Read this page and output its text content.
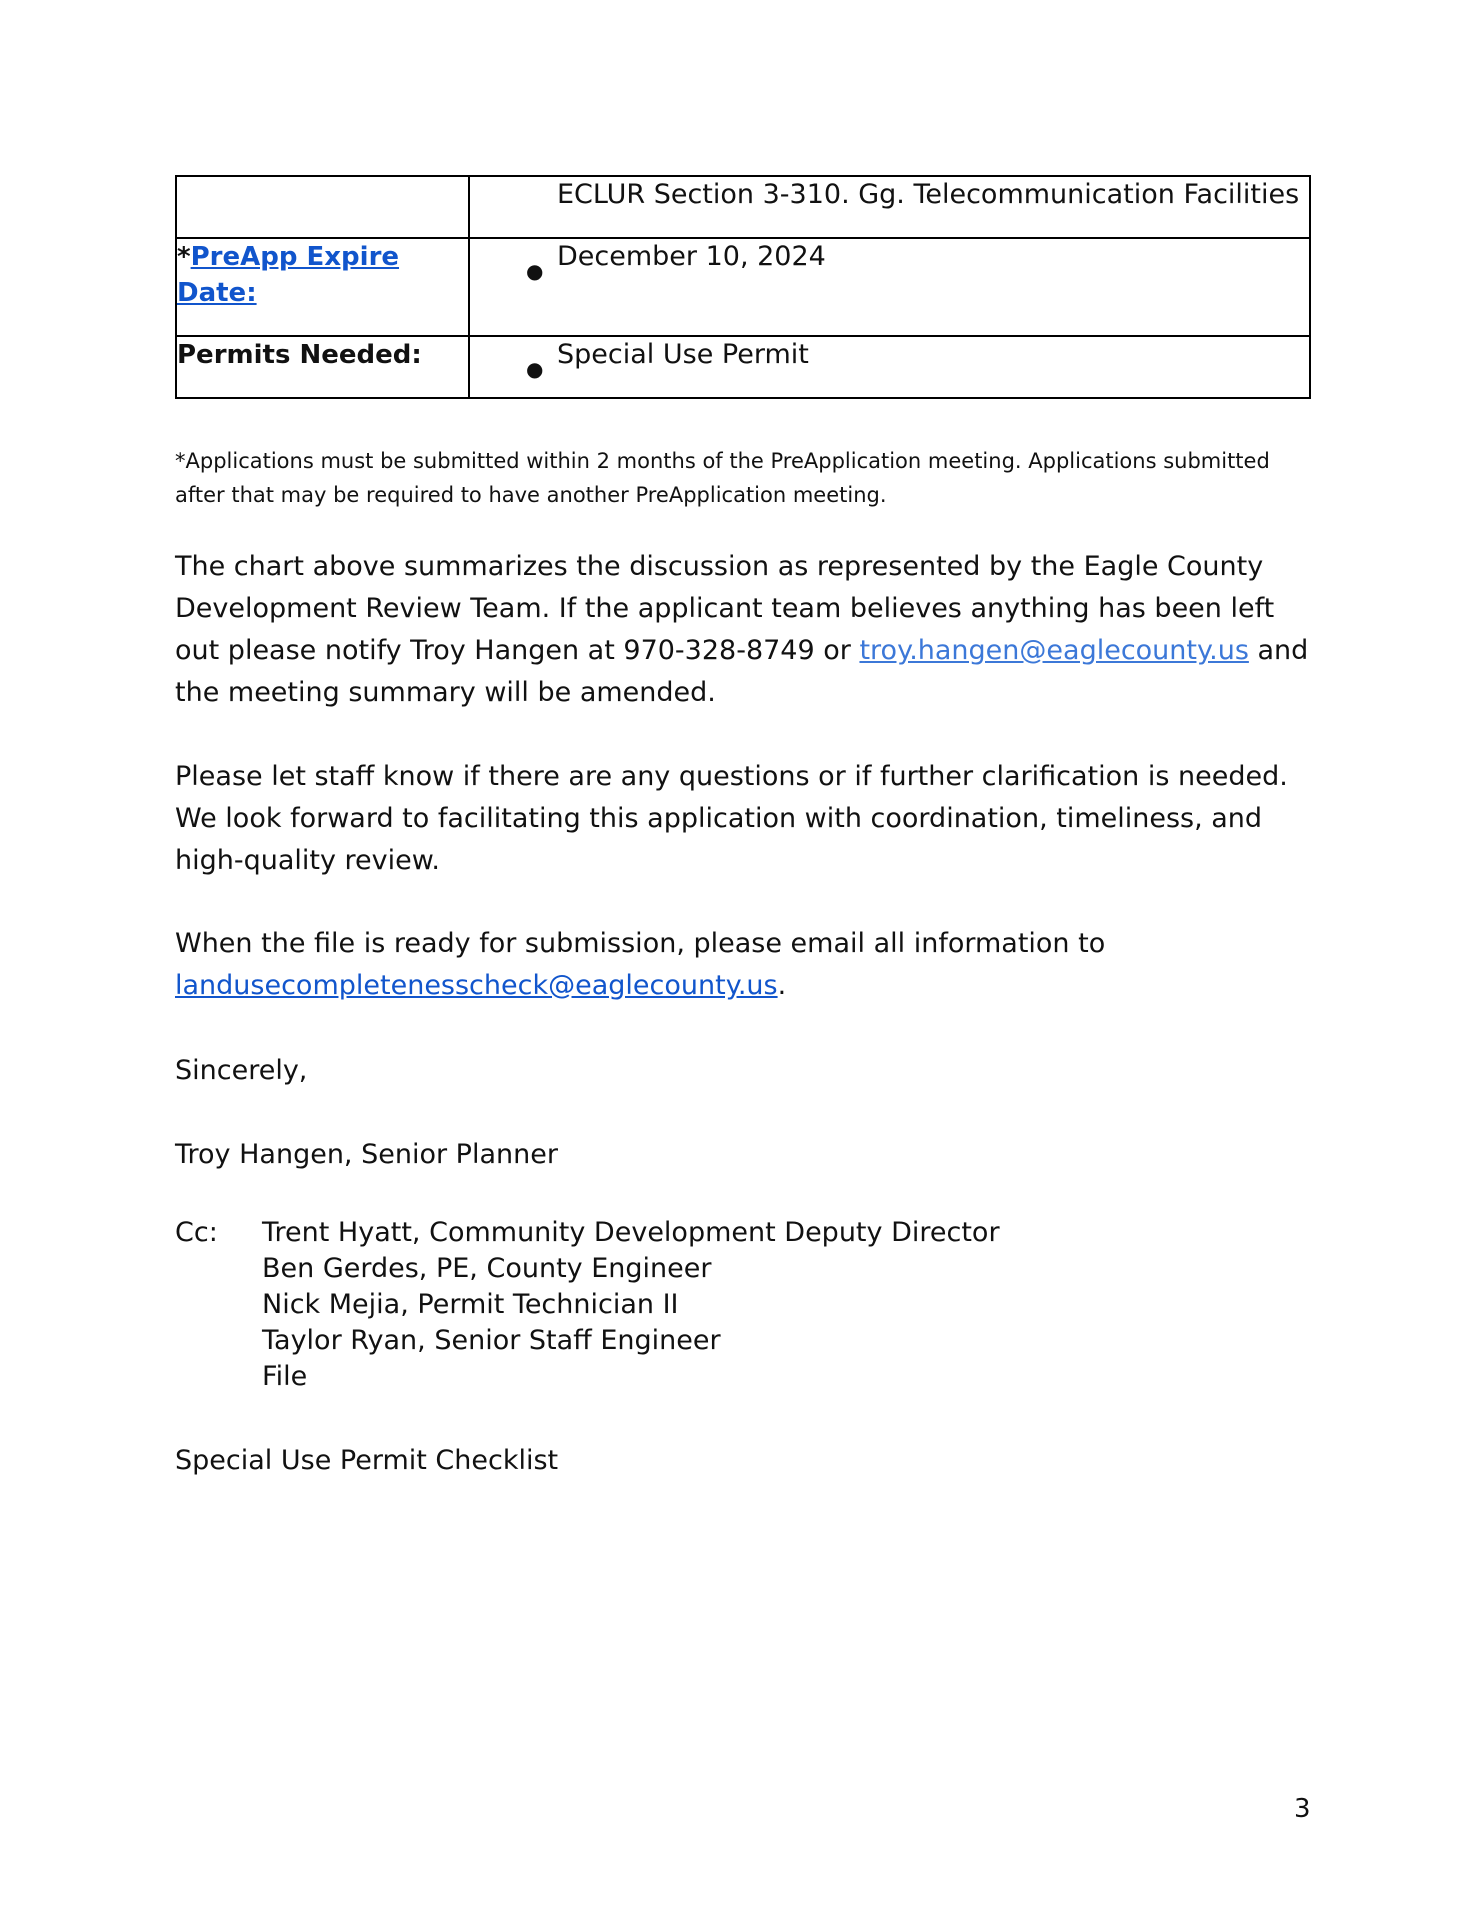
	ECLUR Section 3-310. Gg. Telecommunication Facilities

*PreApp Expire Date:	● December 10, 2024

Permits Needed:	● Special Use Permit
*Applications must be submitted within 2 months of the PreApplication meeting. Applications submitted after that may be required to have another PreApplication meeting.
The chart above summarizes the discussion as represented by the Eagle County Development Review Team. If the applicant team believes anything has been left out please notify Troy Hangen at 970-328-8749 or troy.hangen@eaglecounty.us and the meeting summary will be amended.
Please let staff know if there are any questions or if further clarification is needed. We look forward to facilitating this application with coordination, timeliness, and high-quality review.
When the file is ready for submission, please email all information to landusecompletenesscheck@eaglecounty.us.
Sincerely,
Troy Hangen, Senior Planner
Cc: Trent Hyatt, Community Development Deputy Director
Ben Gerdes, PE, County Engineer
Nick Mejia, Permit Technician II
Taylor Ryan, Senior Staff Engineer
File
Special Use Permit Checklist
3
